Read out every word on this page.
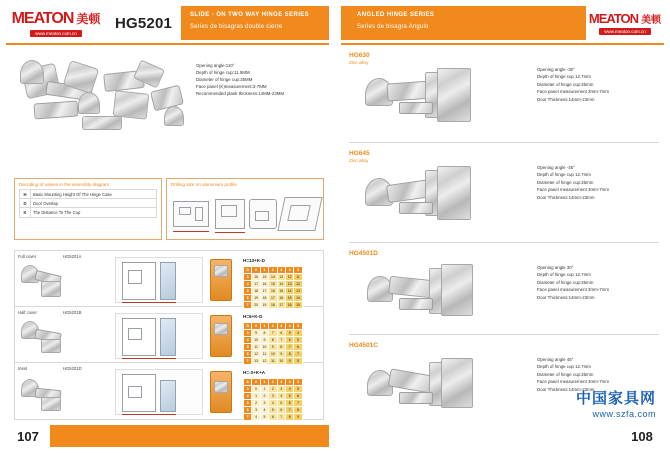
MEATON 美顿
www.meaton.com.cn
HG5201	SLIDE - ON TWO WAY HINGE SERIES
Series de bisagras double cierre
Opening angle:110°
Depth of hinge cup:11.5MM
Diameter of hinge cup:35MM
Face panel (K)measurement:3-7MM
Recommended plank thickness:14MM-23MM
Decoding of values in the assembly diagram
H	Basic Mounting Height Of The Hinge Case
D	Door Overlap
K	The Distance To The Cup
Drilling size on aluminium profile
Full cover	HG5201A
H=13+K-D
D	0	1	2	3	4	5
3	16	15	14	13	12	11
4	17	16	15	14	13	12
5	18	17	16	15	14	13
6	19	18	17	16	15	14
7	20	19	18	17	16	15
Half cover	HG5201B
H=6+K-D
D	0	1	2	3	4	5
3	9	8	7	6	5	4
4	10	9	8	7	6	5
5	11	10	9	8	7	6
6	12	11	10	9	8	7
7	13	12	11	10	9	8
Inset	HG5201D
H=-3+K+A
A	0	1	2	3	4	5
3	0	1	2	3	4	5
4	1	2	3	4	5	6
5	2	3	4	5	6	7
6	3	4	5	6	7	8
7	4	5	6	7	8	9
107
ANGLED HINGE SERIES
Series de bisagra Angulo
MEATON 美顿
www.meaton.com.cn
HG630
Zinc alloy
Opening angle -30°
Depth of hinge cup 12.7mm
Diameter of hinge cup:35mm
Face panel measurement 3mm-7mm
Door Thickness:14mm-23mm
HG645
Zinc alloy
Opening angle -45°
Depth of hinge cup 12.7mm
Diameter of hinge cup:35mm
Face panel measurement 3mm-7mm
Door Thickness:14mm-23mm
HG4501D
Opening angle 30°
Depth of hinge cup 12.7mm
Diameter of hinge cup:35mm
Face panel measurement 3mm-7mm
Door Thickness:14mm-23mm
HG4501C
Opening angle 45°
Depth of hinge cup 12.7mm
Diameter of hinge cup:35mm
Face panel measurement 3mm-7mm
Door Thickness:14mm-23mm
中国家具网
www.szfa.com
108
